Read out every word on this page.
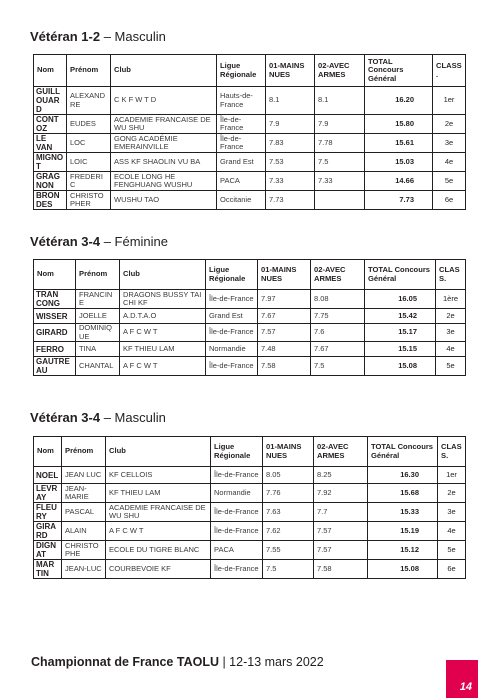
Vétéran 1-2 – Masculin
Nom	Prénom	Club	Ligue Régionale	01-MAINS NUES	02-AVEC ARMES	TOTAL Concours Général	CLASS.
GUILLOUARD	ALEXANDRE	C K F W T D	Hauts-de-France	8.1	8.1	16.20	1er
CONTOZ	EUDES	ACADEMIE FRANCAISE DE WU SHU	Île-de-France	7.9	7.9	15.80	2e
LE VAN	LOC	GONG ACADÉMIE EMERAINVILLE	Île-de-France	7.83	7.78	15.61	3e
MIGNOT	LOIC	ASS KF SHAOLIN VU BA	Grand Est	7.53	7.5	15.03	4e
GRAGNON	FREDERIC	ECOLE LONG HE FENGHUANG WUSHU	PACA	7.33	7.33	14.66	5e
BRONDES	CHRISTOPHER	WUSHU TAO	Occitanie	7.73		7.73	6e
Vétéran 3-4 – Féminine
Nom	Prénom	Club	Ligue Régionale	01-MAINS NUES	02-AVEC ARMES	TOTAL Concours Général	CLASS.
TRAN CONG	FRANCINE	DRAGONS BUSSY TAI CHI KF	Île-de-France	7.97	8.08	16.05	1ère
WISSER	JOELLE	A.D.T.A.O	Grand Est	7.67	7.75	15.42	2e
GIRARD	DOMINIQUE	A F C W T	Île-de-France	7.57	7.6	15.17	3e
FERRO	TINA	KF THIEU LAM	Normandie	7.48	7.67	15.15	4e
GAUTREAU	CHANTAL	A F C W T	Île-de-France	7.58	7.5	15.08	5e
Vétéran 3-4 – Masculin
Nom	Prénom	Club	Ligue Régionale	01-MAINS NUES	02-AVEC ARMES	TOTAL Concours Général	CLASS.
NOEL	JEAN LUC	KF CELLOIS	Île-de-France	8.05	8.25	16.30	1er
LEVRAY	JEAN-MARIE	KF THIEU LAM	Normandie	7.76	7.92	15.68	2e
FLEURY	PASCAL	ACADEMIE FRANCAISE DE WU SHU	Île-de-France	7.63	7.7	15.33	3e
GIRARD	ALAIN	A F C W T	Île-de-France	7.62	7.57	15.19	4e
DIGNAT	CHRISTOPHE	ECOLE DU TIGRE BLANC	PACA	7.55	7.57	15.12	5e
MARTIN	JEAN-LUC	COURBEVOIE KF	Île-de-France	7.5	7.58	15.08	6e
Championnat de France TAOLU | 12-13 mars 2022
14
